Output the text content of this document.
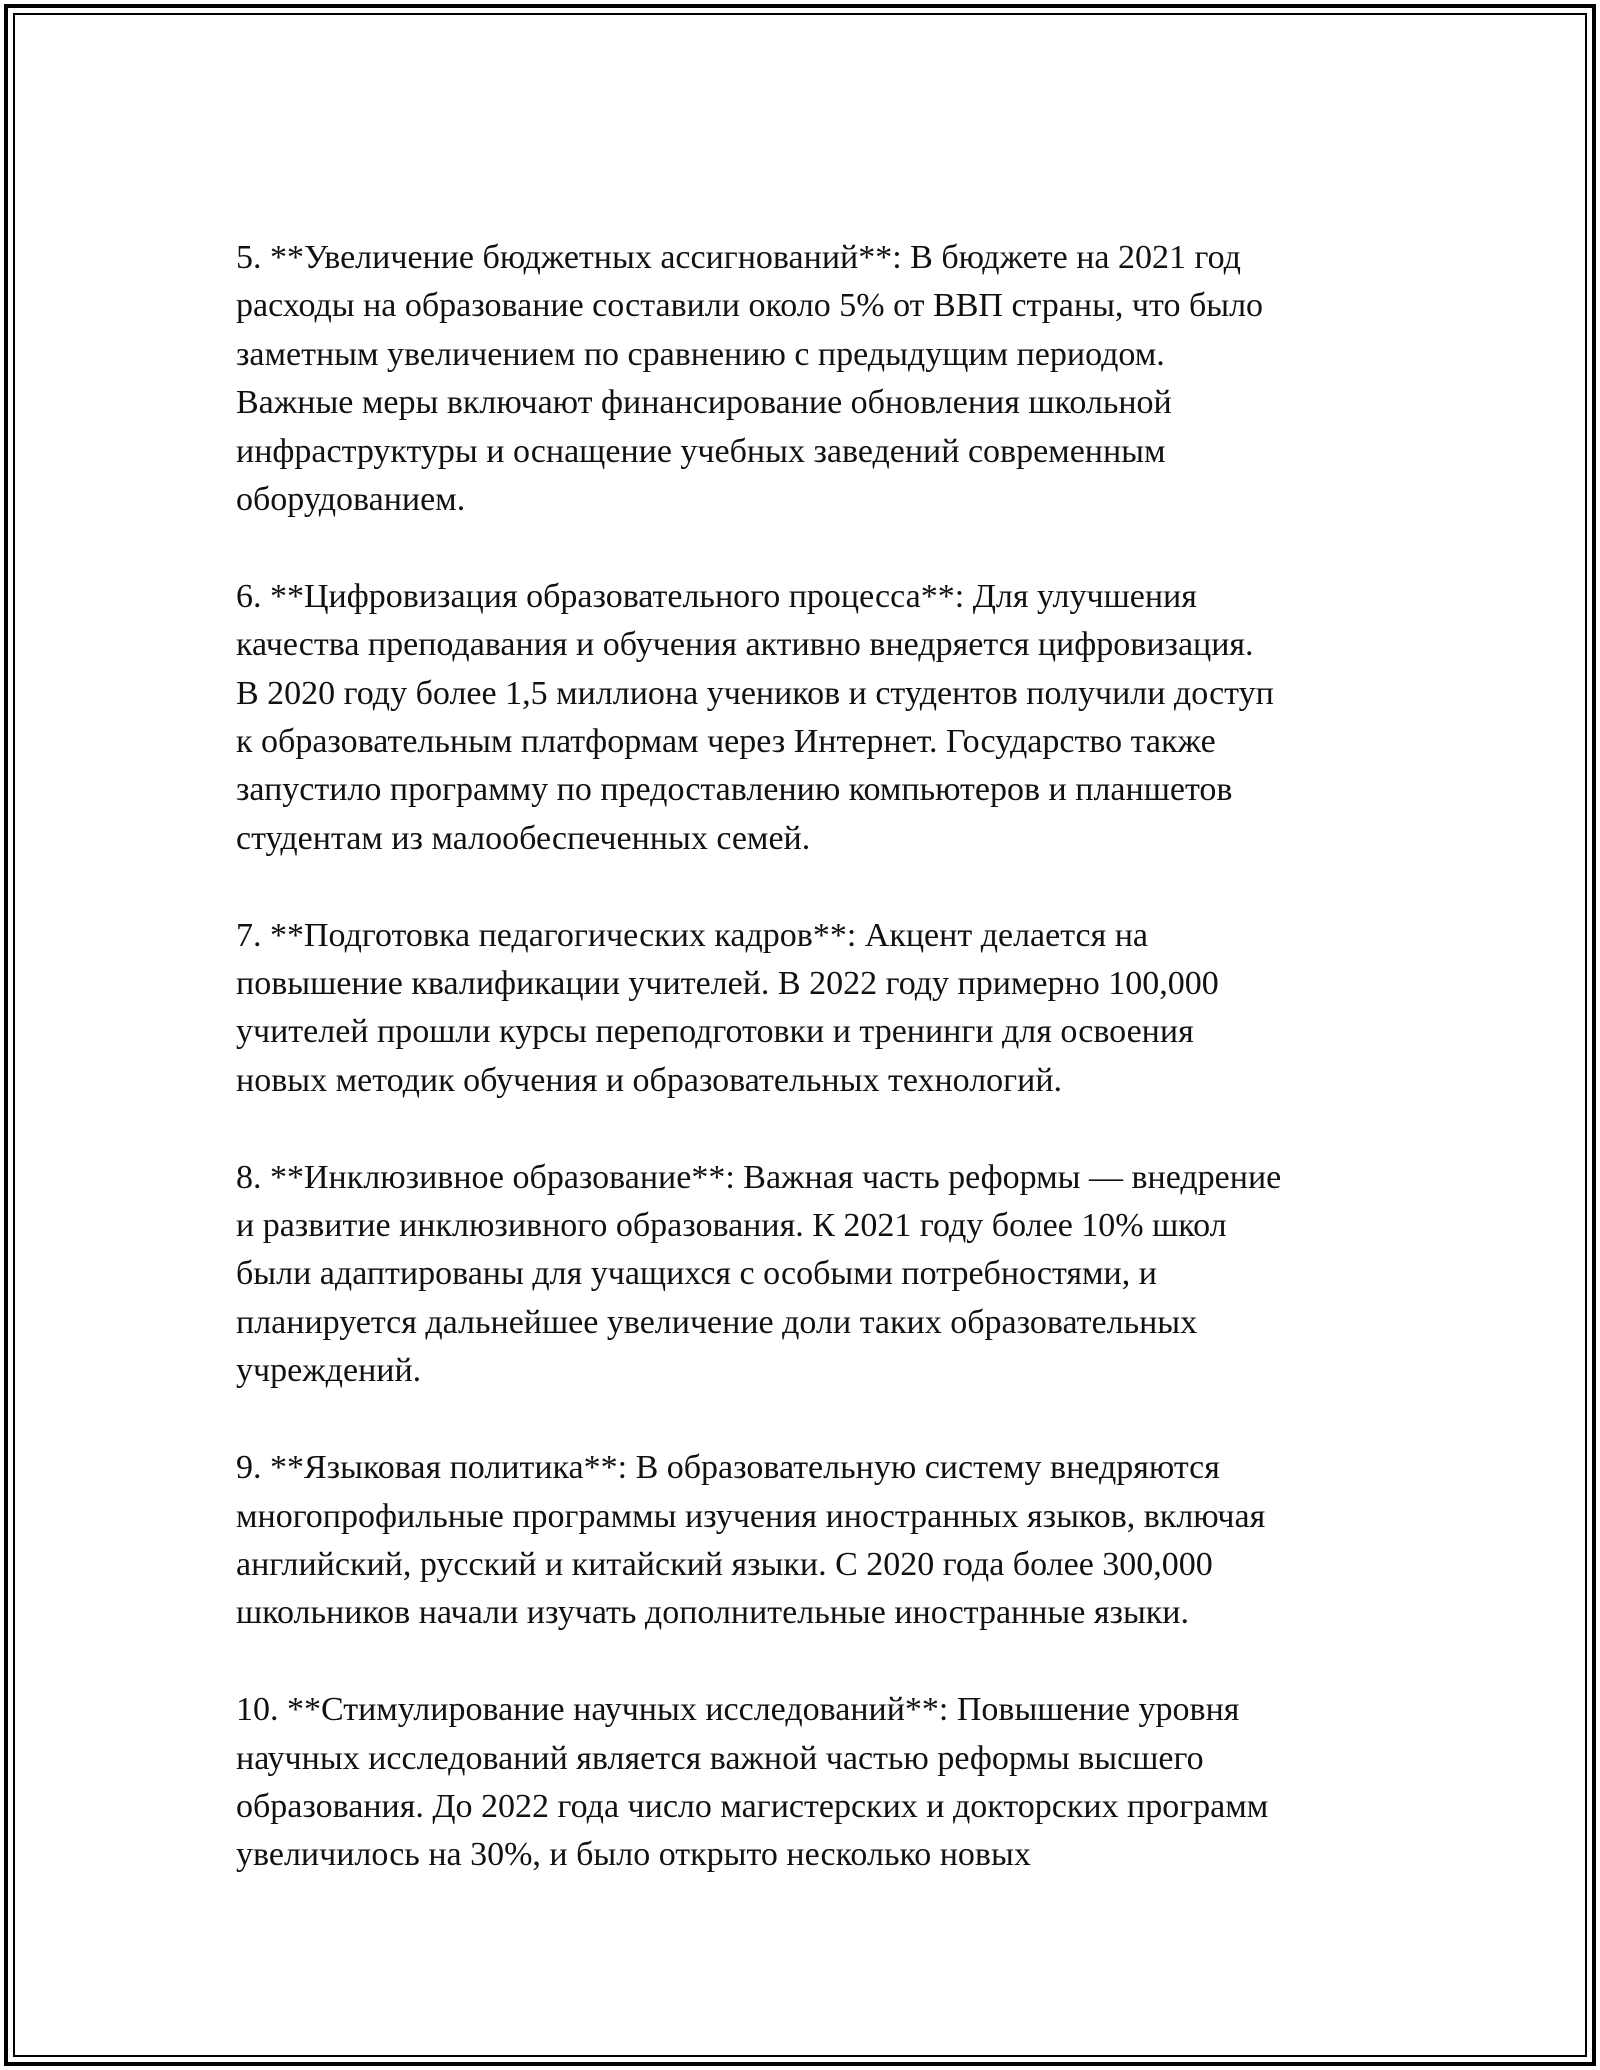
5. **Увеличение бюджетных ассигнований**: В бюджете на 2021 год
расходы на образование составили около 5% от ВВП страны, что было
заметным увеличением по сравнению с предыдущим периодом.
Важные меры включают финансирование обновления школьной
инфраструктуры и оснащение учебных заведений современным
оборудованием.

6. **Цифровизация образовательного процесса**: Для улучшения
качества преподавания и обучения активно внедряется цифровизация.
В 2020 году более 1,5 миллиона учеников и студентов получили доступ
к образовательным платформам через Интернет. Государство также
запустило программу по предоставлению компьютеров и планшетов
студентам из малообеспеченных семей.

7. **Подготовка педагогических кадров**: Акцент делается на
повышение квалификации учителей. В 2022 году примерно 100,000
учителей прошли курсы переподготовки и тренинги для освоения
новых методик обучения и образовательных технологий.

8. **Инклюзивное образование**: Важная часть реформы — внедрение
и развитие инклюзивного образования. К 2021 году более 10% школ
были адаптированы для учащихся с особыми потребностями, и
планируется дальнейшее увеличение доли таких образовательных
учреждений.

9. **Языковая политика**: В образовательную систему внедряются
многопрофильные программы изучения иностранных языков, включая
английский, русский и китайский языки. С 2020 года более 300,000
школьников начали изучать дополнительные иностранные языки.

10. **Стимулирование научных исследований**: Повышение уровня
научных исследований является важной частью реформы высшего
образования. До 2022 года число магистерских и докторских программ
увеличилось на 30%, и было открыто несколько новых
